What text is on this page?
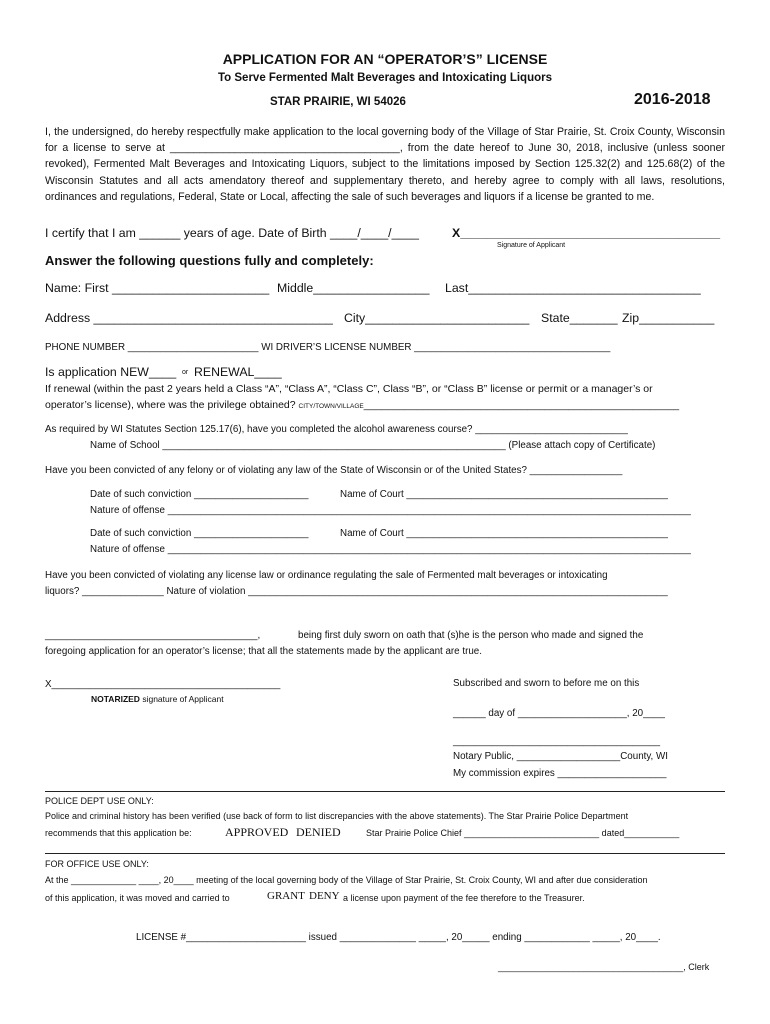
APPLICATION FOR AN “OPERATOR’S” LICENSE
To Serve Fermented Malt Beverages and Intoxicating Liquors
STAR PRAIRIE, WI 54026	2016-2018
I, the undersigned, do hereby respectfully make application to the local governing body of the Village of Star Prairie, St. Croix County, Wisconsin for a license to serve at _______________________________________, from the date hereof to June 30, 2018, inclusive (unless sooner revoked), Fermented Malt Beverages and Intoxicating Liquors, subject to the limitations imposed by Section 125.32(2) and 125.68(2) of the Wisconsin Statutes and all acts amendatory thereof and supplementary thereto, and hereby agree to comply with all laws, resolutions, ordinances and regulations, Federal, State or Local, affecting the sale of such beverages and liquors if a license be granted to me.
I certify that I am ______ years of age. Date of Birth ____/____/____	X______________________________________
Signature of Applicant
Answer the following questions fully and completely:
Name: First _______________________ Middle_________________ Last__________________________________
Address ___________________________________ City________________________ State_______ Zip___________
PHONE NUMBER ________________________ WI DRIVER’S LICENSE NUMBER ____________________________________
Is application NEW____ or RENEWAL____
If renewal (within the past 2 years held a Class “A”, “Class A”, “Class C”, Class “B”, or “Class B” license or permit or a manager’s or
operator’s license), where was the privilege obtained? CITY/TOWN/VILLAGE______________________________________________________
As required by WI Statutes Section 125.17(6), have you completed the alcohol awareness course? ____________________________
Name of School _______________________________________________________________ (Please attach copy of Certificate)
Have you been convicted of any felony or of violating any law of the State of Wisconsin or of the United States? _________________
Date of such conviction _____________________	Name of Court ________________________________________________
Nature of offense ________________________________________________________________________________________________
Date of such conviction _____________________	Name of Court ________________________________________________
Nature of offense ________________________________________________________________________________________________
Have you been convicted of violating any license law or ordinance regulating the sale of Fermented malt beverages or intoxicating
liquors? _______________ Nature of violation _____________________________________________________________________________
_______________________________________,	being first duly sworn on oath that (s)he is the person who made and signed the
foregoing application for an operator’s license; that all the statements made by the applicant are true.
X__________________________________________
NOTARIZED signature of Applicant
Subscribed and sworn to before me on this
______ day of ____________________, 20____
______________________________________
Notary Public, ___________________County, WI
My commission expires ____________________
POLICE DEPT USE ONLY:
Police and criminal history has been verified (use back of form to list discrepancies with the above statements). The Star Prairie Police Department
recommends that this application be:	APPROVED DENIED	Star Prairie Police Chief ___________________________ dated___________
FOR OFFICE USE ONLY:
At the _____________ ____, 20____ meeting of the local governing body of the Village of Star Prairie, St. Croix County, WI and after due consideration
of this application, it was moved and carried to	GRANT DENY a license upon payment of the fee therefore to the Treasurer.
LICENSE #______________________ issued ______________ _____, 20_____ ending ____________ _____, 20____.
_____________________________________, Clerk
